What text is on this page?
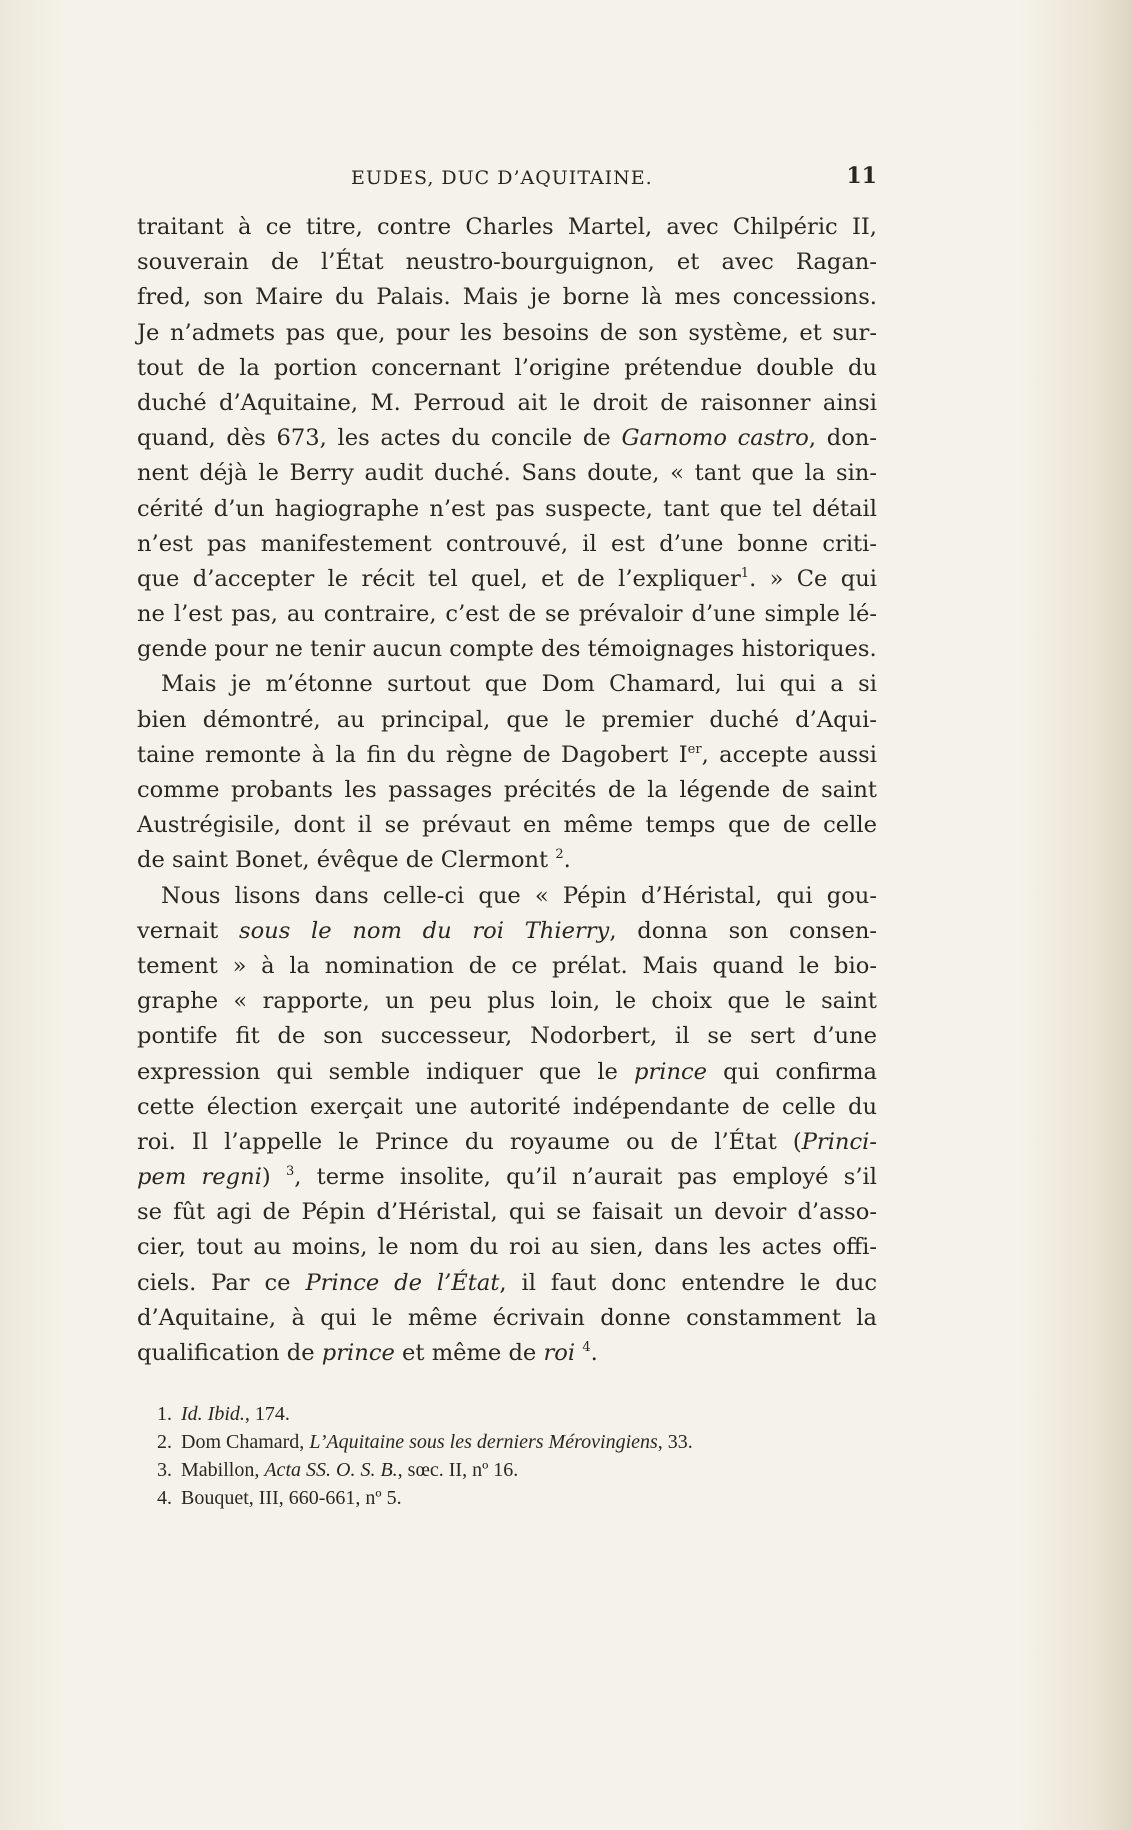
EUDES, DUC D’AQUITAINE.	11
traitant à ce titre, contre Charles Martel, avec Chilpéric II,
souverain de l’État neustro-bourguignon, et avec Ragan-
fred, son Maire du Palais. Mais je borne là mes concessions.
Je n’admets pas que, pour les besoins de son système, et sur-
tout de la portion concernant l’origine prétendue double du
duché d’Aquitaine, M. Perroud ait le droit de raisonner ainsi
quand, dès 673, les actes du concile de Garnomo castro, don-
nent déjà le Berry audit duché. Sans doute, « tant que la sin-
cérité d’un hagiographe n’est pas suspecte, tant que tel détail
n’est pas manifestement controuvé, il est d’une bonne criti-
que d’accepter le récit tel quel, et de l’expliquer$^1$. » Ce qui
ne l’est pas, au contraire, c’est de se prévaloir d’une simple lé-
gende pour ne tenir aucun compte des témoignages historiques.
Mais je m’étonne surtout que Dom Chamard, lui qui a si
bien démontré, au principal, que le premier duché d’Aqui-
taine remonte à la fin du règne de Dagobert Ier, accepte aussi
comme probants les passages précités de la légende de saint
Austrégisile, dont il se prévaut en même temps que de celle
de saint Bonet, évêque de Clermont $^2$.
Nous lisons dans celle-ci que « Pépin d’Héristal, qui gou-
vernait sous le nom du roi Thierry, donna son consen-
tement » à la nomination de ce prélat. Mais quand le bio-
graphe « rapporte, un peu plus loin, le choix que le saint
pontife fit de son successeur, Nodorbert, il se sert d’une
expression qui semble indiquer que le prince qui confirma
cette élection exerçait une autorité indépendante de celle du
roi. Il l’appelle le Prince du royaume ou de l’État (Princi-
pem regni) $^3$, terme insolite, qu’il n’aurait pas employé s’il
se fût agi de Pépin d’Héristal, qui se faisait un devoir d’asso-
cier, tout au moins, le nom du roi au sien, dans les actes offi-
ciels. Par ce Prince de l’État, il faut donc entendre le duc
d’Aquitaine, à qui le même écrivain donne constamment la
qualification de prince et même de roi $^4$.
1. Id. Ibid., 174.
2. Dom Chamard, L’Aquitaine sous les derniers Mérovingiens, 33.
3. Mabillon, Acta SS. O. S. B., sœc. II, nº 16.
4. Bouquet, III, 660-661, nº 5.
